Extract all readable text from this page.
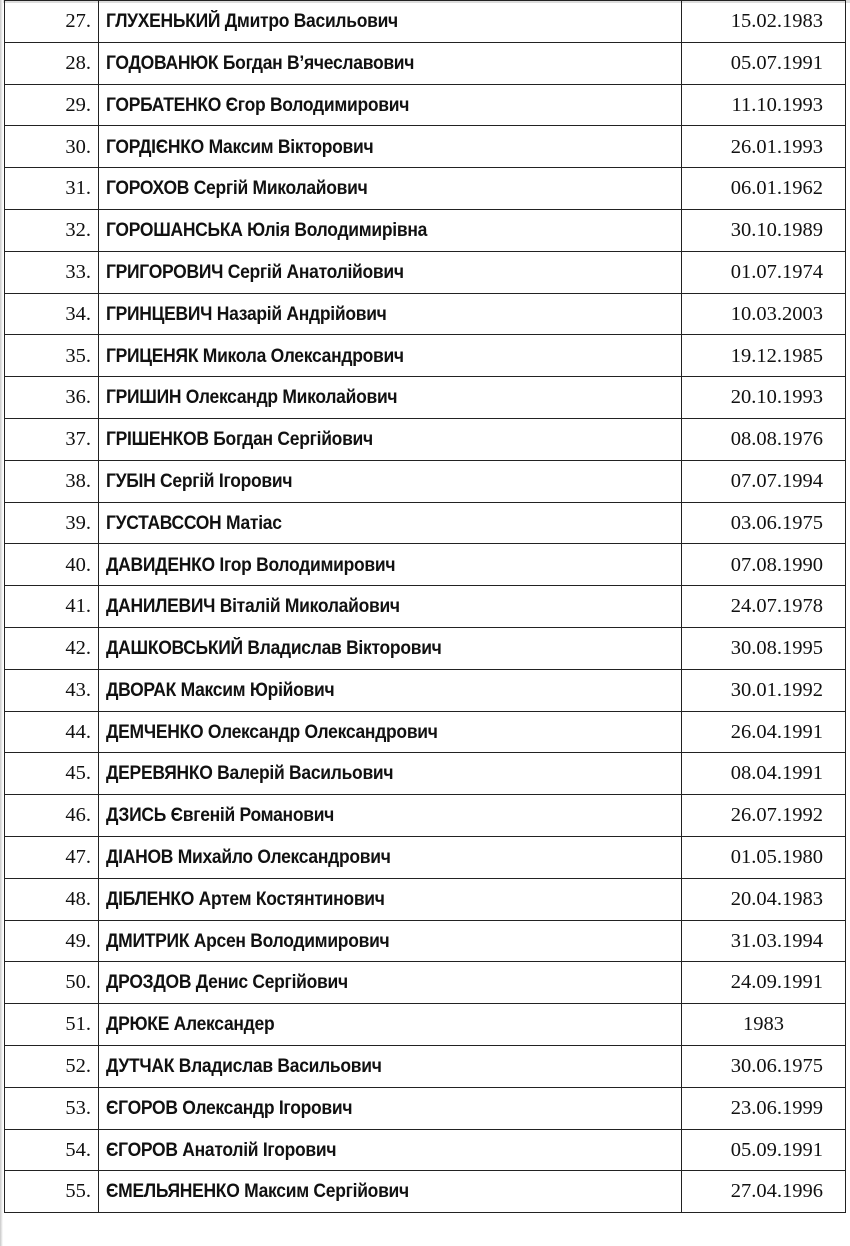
27.	ГЛУХЕНЬКИЙ Дмитро Васильович	15.02.1983
28.	ГОДОВАНЮК Богдан В’ячеславович	05.07.1991
29.	ГОРБАТЕНКО Єгор Володимирович	11.10.1993
30.	ГОРДІЄНКО Максим Вікторович	26.01.1993
31.	ГОРОХОВ Сергій Миколайович	06.01.1962
32.	ГОРОШАНСЬКА Юлія Володимирівна	30.10.1989
33.	ГРИГОРОВИЧ Сергій Анатолійович	01.07.1974
34.	ГРИНЦЕВИЧ Назарій Андрійович	10.03.2003
35.	ГРИЦЕНЯК Микола Олександрович	19.12.1985
36.	ГРИШИН Олександр Миколайович	20.10.1993
37.	ГРІШЕНКОВ Богдан Сергійович	08.08.1976
38.	ГУБІН Сергій Ігорович	07.07.1994
39.	ГУСТАВССОН Матіас	03.06.1975
40.	ДАВИДЕНКО Ігор Володимирович	07.08.1990
41.	ДАНИЛЕВИЧ Віталій Миколайович	24.07.1978
42.	ДАШКОВСЬКИЙ Владислав Вікторович	30.08.1995
43.	ДВОРАК Максим Юрійович	30.01.1992
44.	ДЕМЧЕНКО Олександр Олександрович	26.04.1991
45.	ДЕРЕВЯНКО Валерій Васильович	08.04.1991
46.	ДЗИСЬ Євгеній Романович	26.07.1992
47.	ДІАНОВ Михайло Олександрович	01.05.1980
48.	ДІБЛЕНКО Артем Костянтинович	20.04.1983
49.	ДМИТРИК Арсен Володимирович	31.03.1994
50.	ДРОЗДОВ Денис Сергійович	24.09.1991
51.	ДРЮКЕ Александер	1983
52.	ДУТЧАК Владислав Васильович	30.06.1975
53.	ЄГОРОВ Олександр Ігорович	23.06.1999
54.	ЄГОРОВ Анатолій Ігорович	05.09.1991
55.	ЄМЕЛЬЯНЕНКО Максим Сергійович	27.04.1996
